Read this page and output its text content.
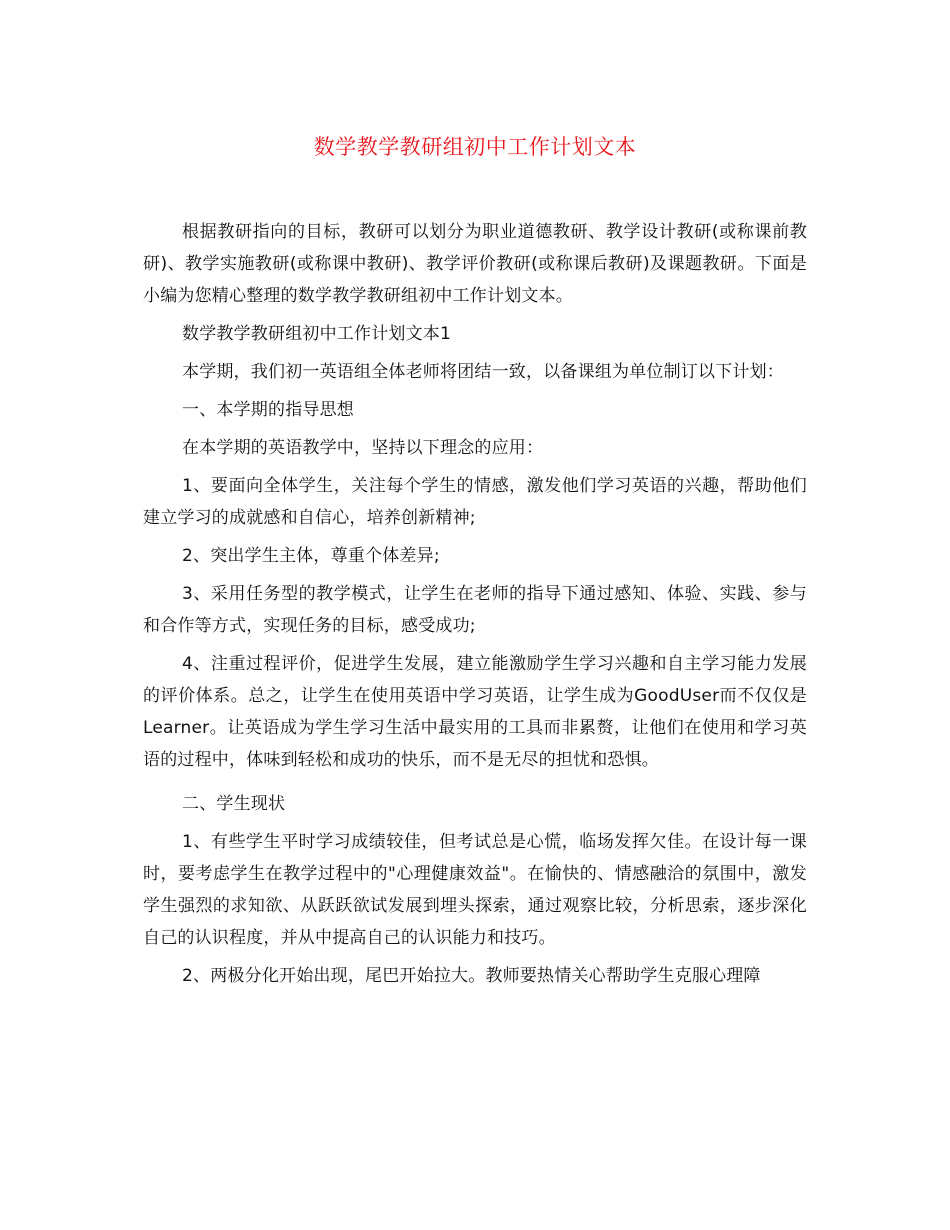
数学教学教研组初中工作计划文本

根据教研指向的目标，教研可以划分为职业道德教研、教学设计教研(或称课前教研)、教学实施教研(或称课中教研)、教学评价教研(或称课后教研)及课题教研。下面是小编为您精心整理的数学教学教研组初中工作计划文本。

数学教学教研组初中工作计划文本1

本学期，我们初一英语组全体老师将团结一致，以备课组为单位制订以下计划：

一、本学期的指导思想

在本学期的英语教学中，坚持以下理念的应用：

1、要面向全体学生，关注每个学生的情感，激发他们学习英语的兴趣，帮助他们建立学习的成就感和自信心，培养创新精神;

2、突出学生主体，尊重个体差异;

3、采用任务型的教学模式，让学生在老师的指导下通过感知、体验、实践、参与和合作等方式，实现任务的目标，感受成功;

4、注重过程评价，促进学生发展，建立能激励学生学习兴趣和自主学习能力发展的评价体系。总之，让学生在使用英语中学习英语，让学生成为GoodUser而不仅仅是Learner。让英语成为学生学习生活中最实用的工具而非累赘，让他们在使用和学习英语的过程中，体味到轻松和成功的快乐，而不是无尽的担忧和恐惧。

二、学生现状

1、有些学生平时学习成绩较佳，但考试总是心慌，临场发挥欠佳。在设计每一课时，要考虑学生在教学过程中的"心理健康效益"。在愉快的、情感融洽的氛围中，激发学生强烈的求知欲、从跃跃欲试发展到埋头探索，通过观察比较，分析思索，逐步深化自己的认识程度，并从中提高自己的认识能力和技巧。

2、两极分化开始出现，尾巴开始拉大。教师要热情关心帮助学生克服心理障
